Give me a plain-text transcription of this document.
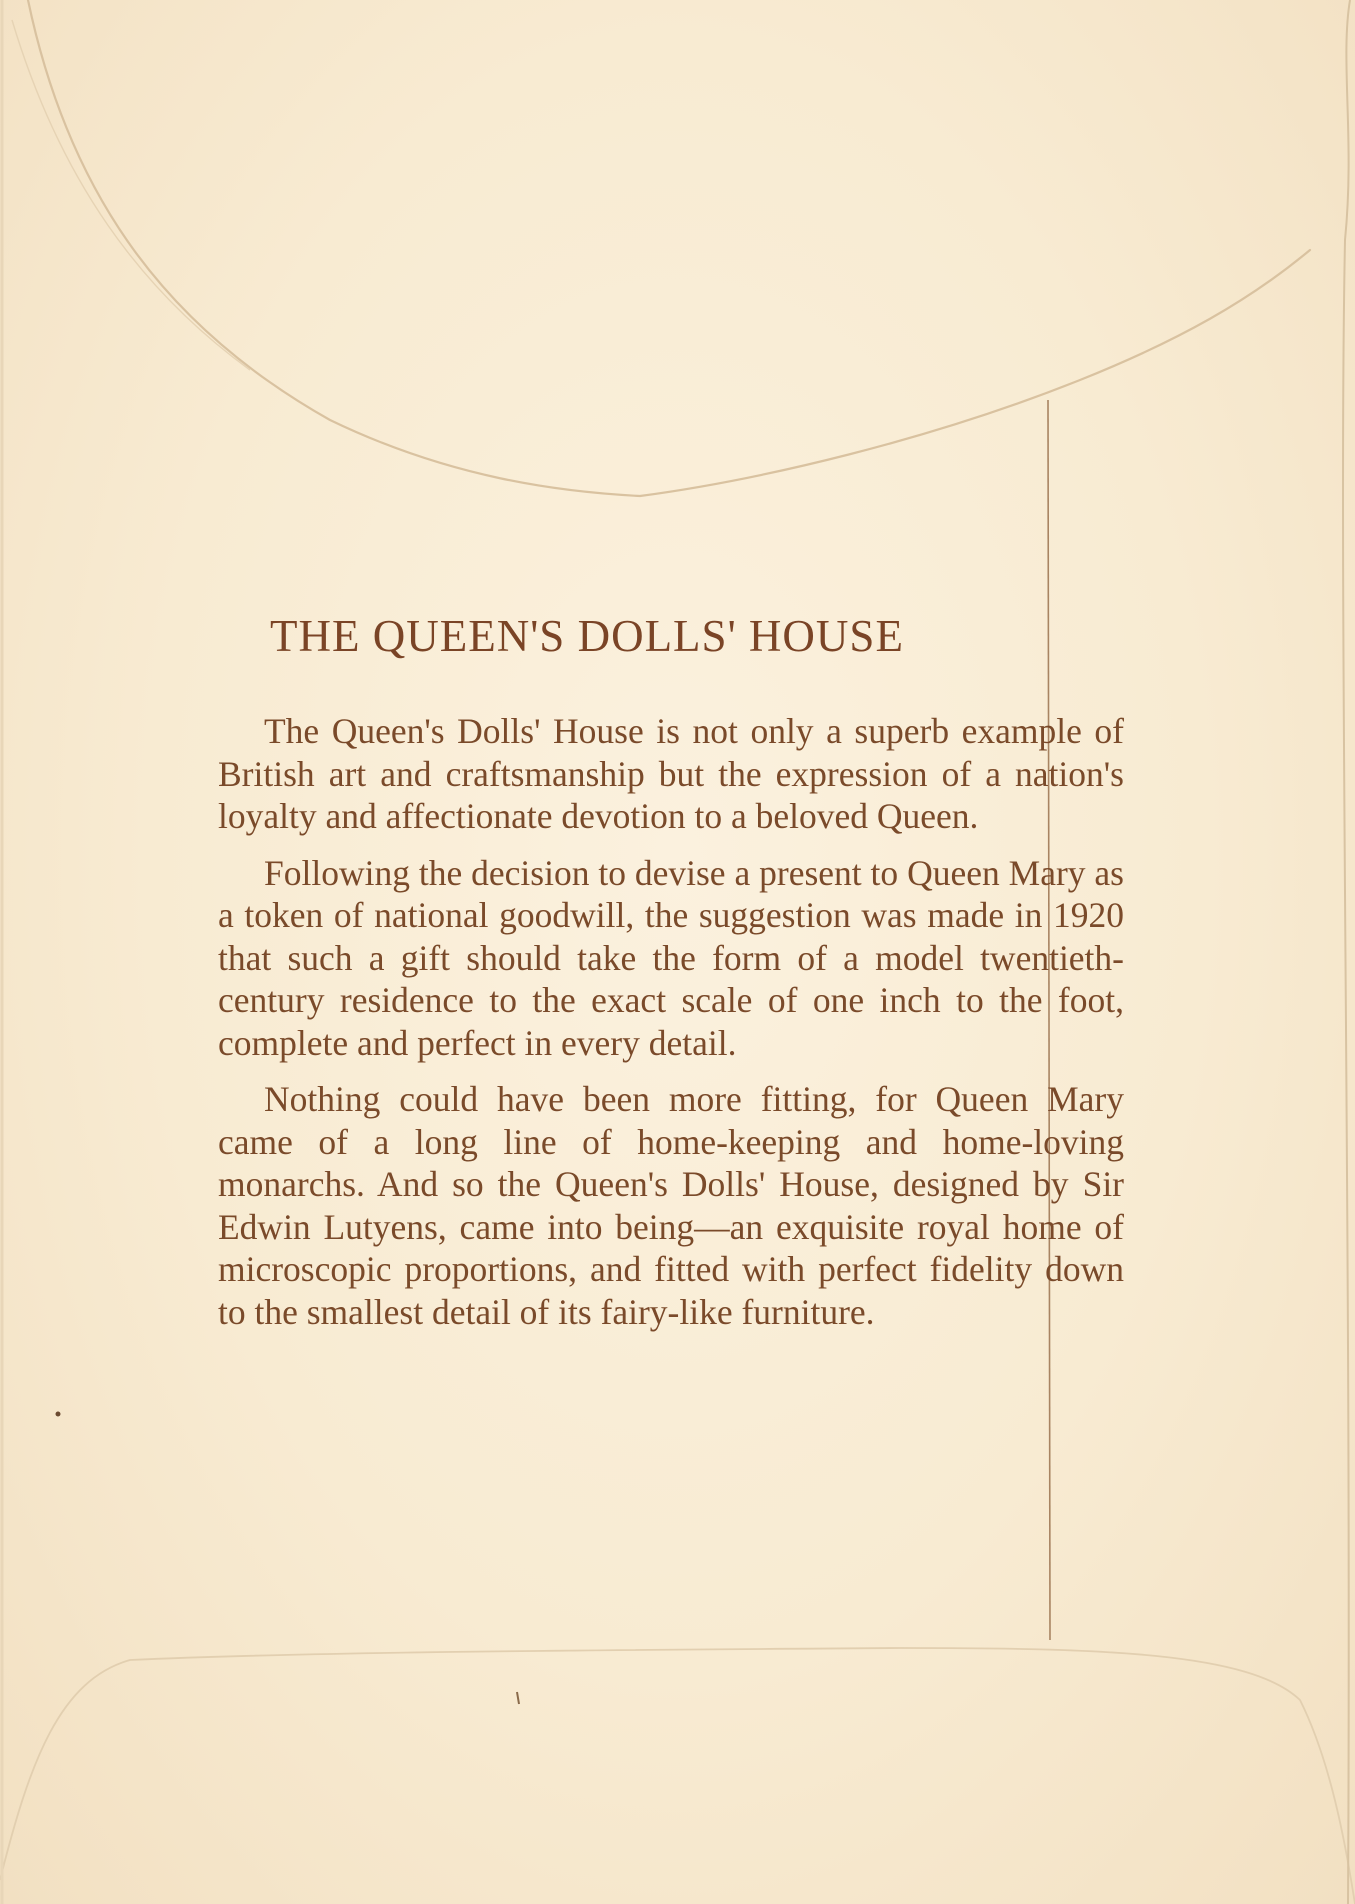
THE QUEEN'S DOLLS' HOUSE

The Queen's Dolls' House is not only a superb example of British art and craftsmanship but the expression of a nation's loyalty and affectionate devotion to a beloved Queen.

Following the decision to devise a present to Queen Mary as a token of national goodwill, the suggestion was made in 1920 that such a gift should take the form of a model twentieth-century residence to the exact scale of one inch to the foot, complete and perfect in every detail.

Nothing could have been more fitting, for Queen Mary came of a long line of home-keeping and home-loving monarchs. And so the Queen's Dolls' House, designed by Sir Edwin Lutyens, came into being—an exquisite royal home of microscopic proportions, and fitted with perfect fidelity down to the smallest detail of its fairy-like furniture.
